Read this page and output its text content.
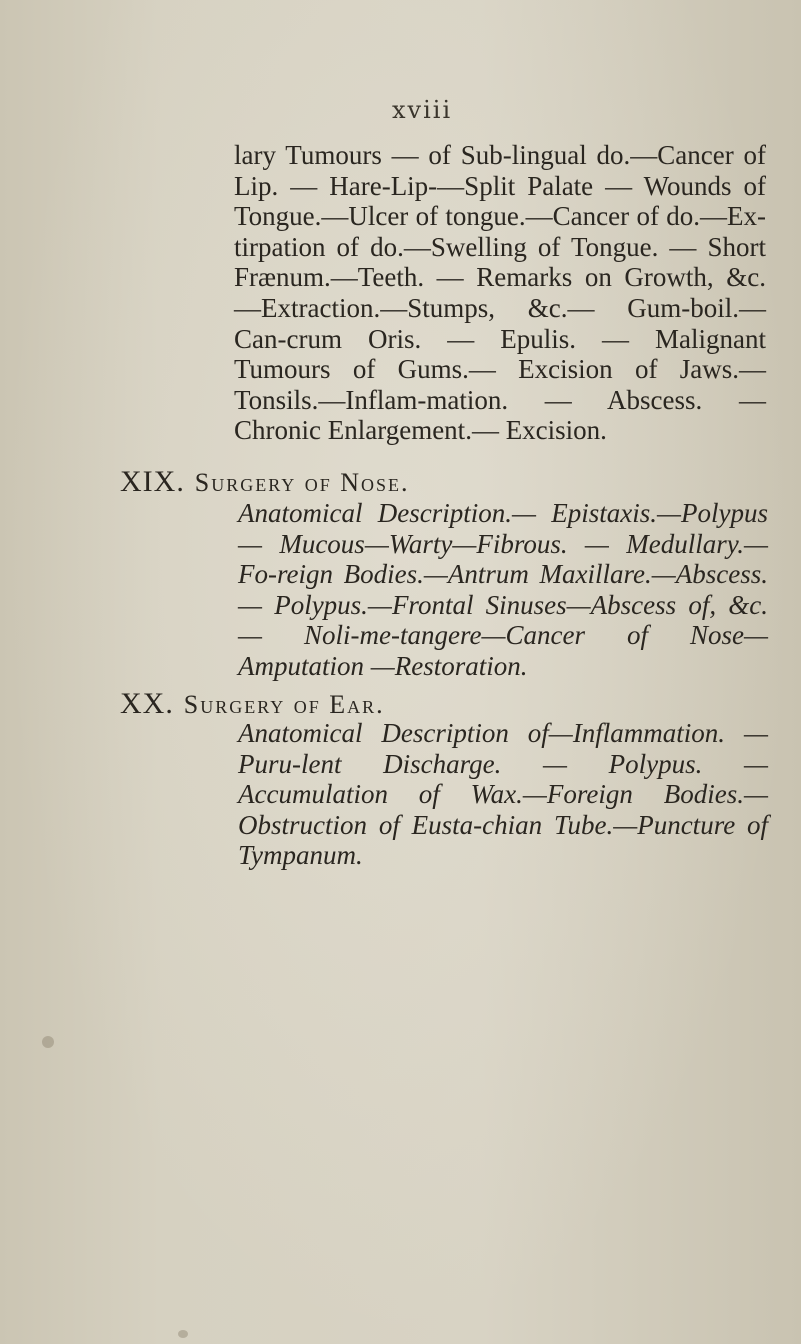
xviii

lary Tumours — of Sub-lingual do.—Cancer of Lip. — Hare-Lip-—Split Palate — Wounds of Tongue.—Ulcer of tongue.—Cancer of do.—Ex-tirpation of do.—Swelling of Tongue. — Short Frænum.—Teeth. — Remarks on Growth, &c. —Extraction.—Stumps, &c.— Gum-boil.— Can-crum Oris. — Epulis. — Malignant Tumours of Gums.— Excision of Jaws.—Tonsils.—Inflam-mation. — Abscess. — Chronic Enlargement.— Excision.

XIX. Surgery of Nose.

Anatomical Description.— Epistaxis.—Polypus — Mucous—Warty—Fibrous. — Medullary.— Fo-reign Bodies.—Antrum Maxillare.—Abscess.— Polypus.—Frontal Sinuses—Abscess of, &c.— Noli-me-tangere—Cancer of Nose—Amputation —Restoration.

XX. Surgery of Ear.

Anatomical Description of—Inflammation. — Puru-lent Discharge. — Polypus. — Accumulation of Wax.—Foreign Bodies.—Obstruction of Eusta-chian Tube.—Puncture of Tympanum.
